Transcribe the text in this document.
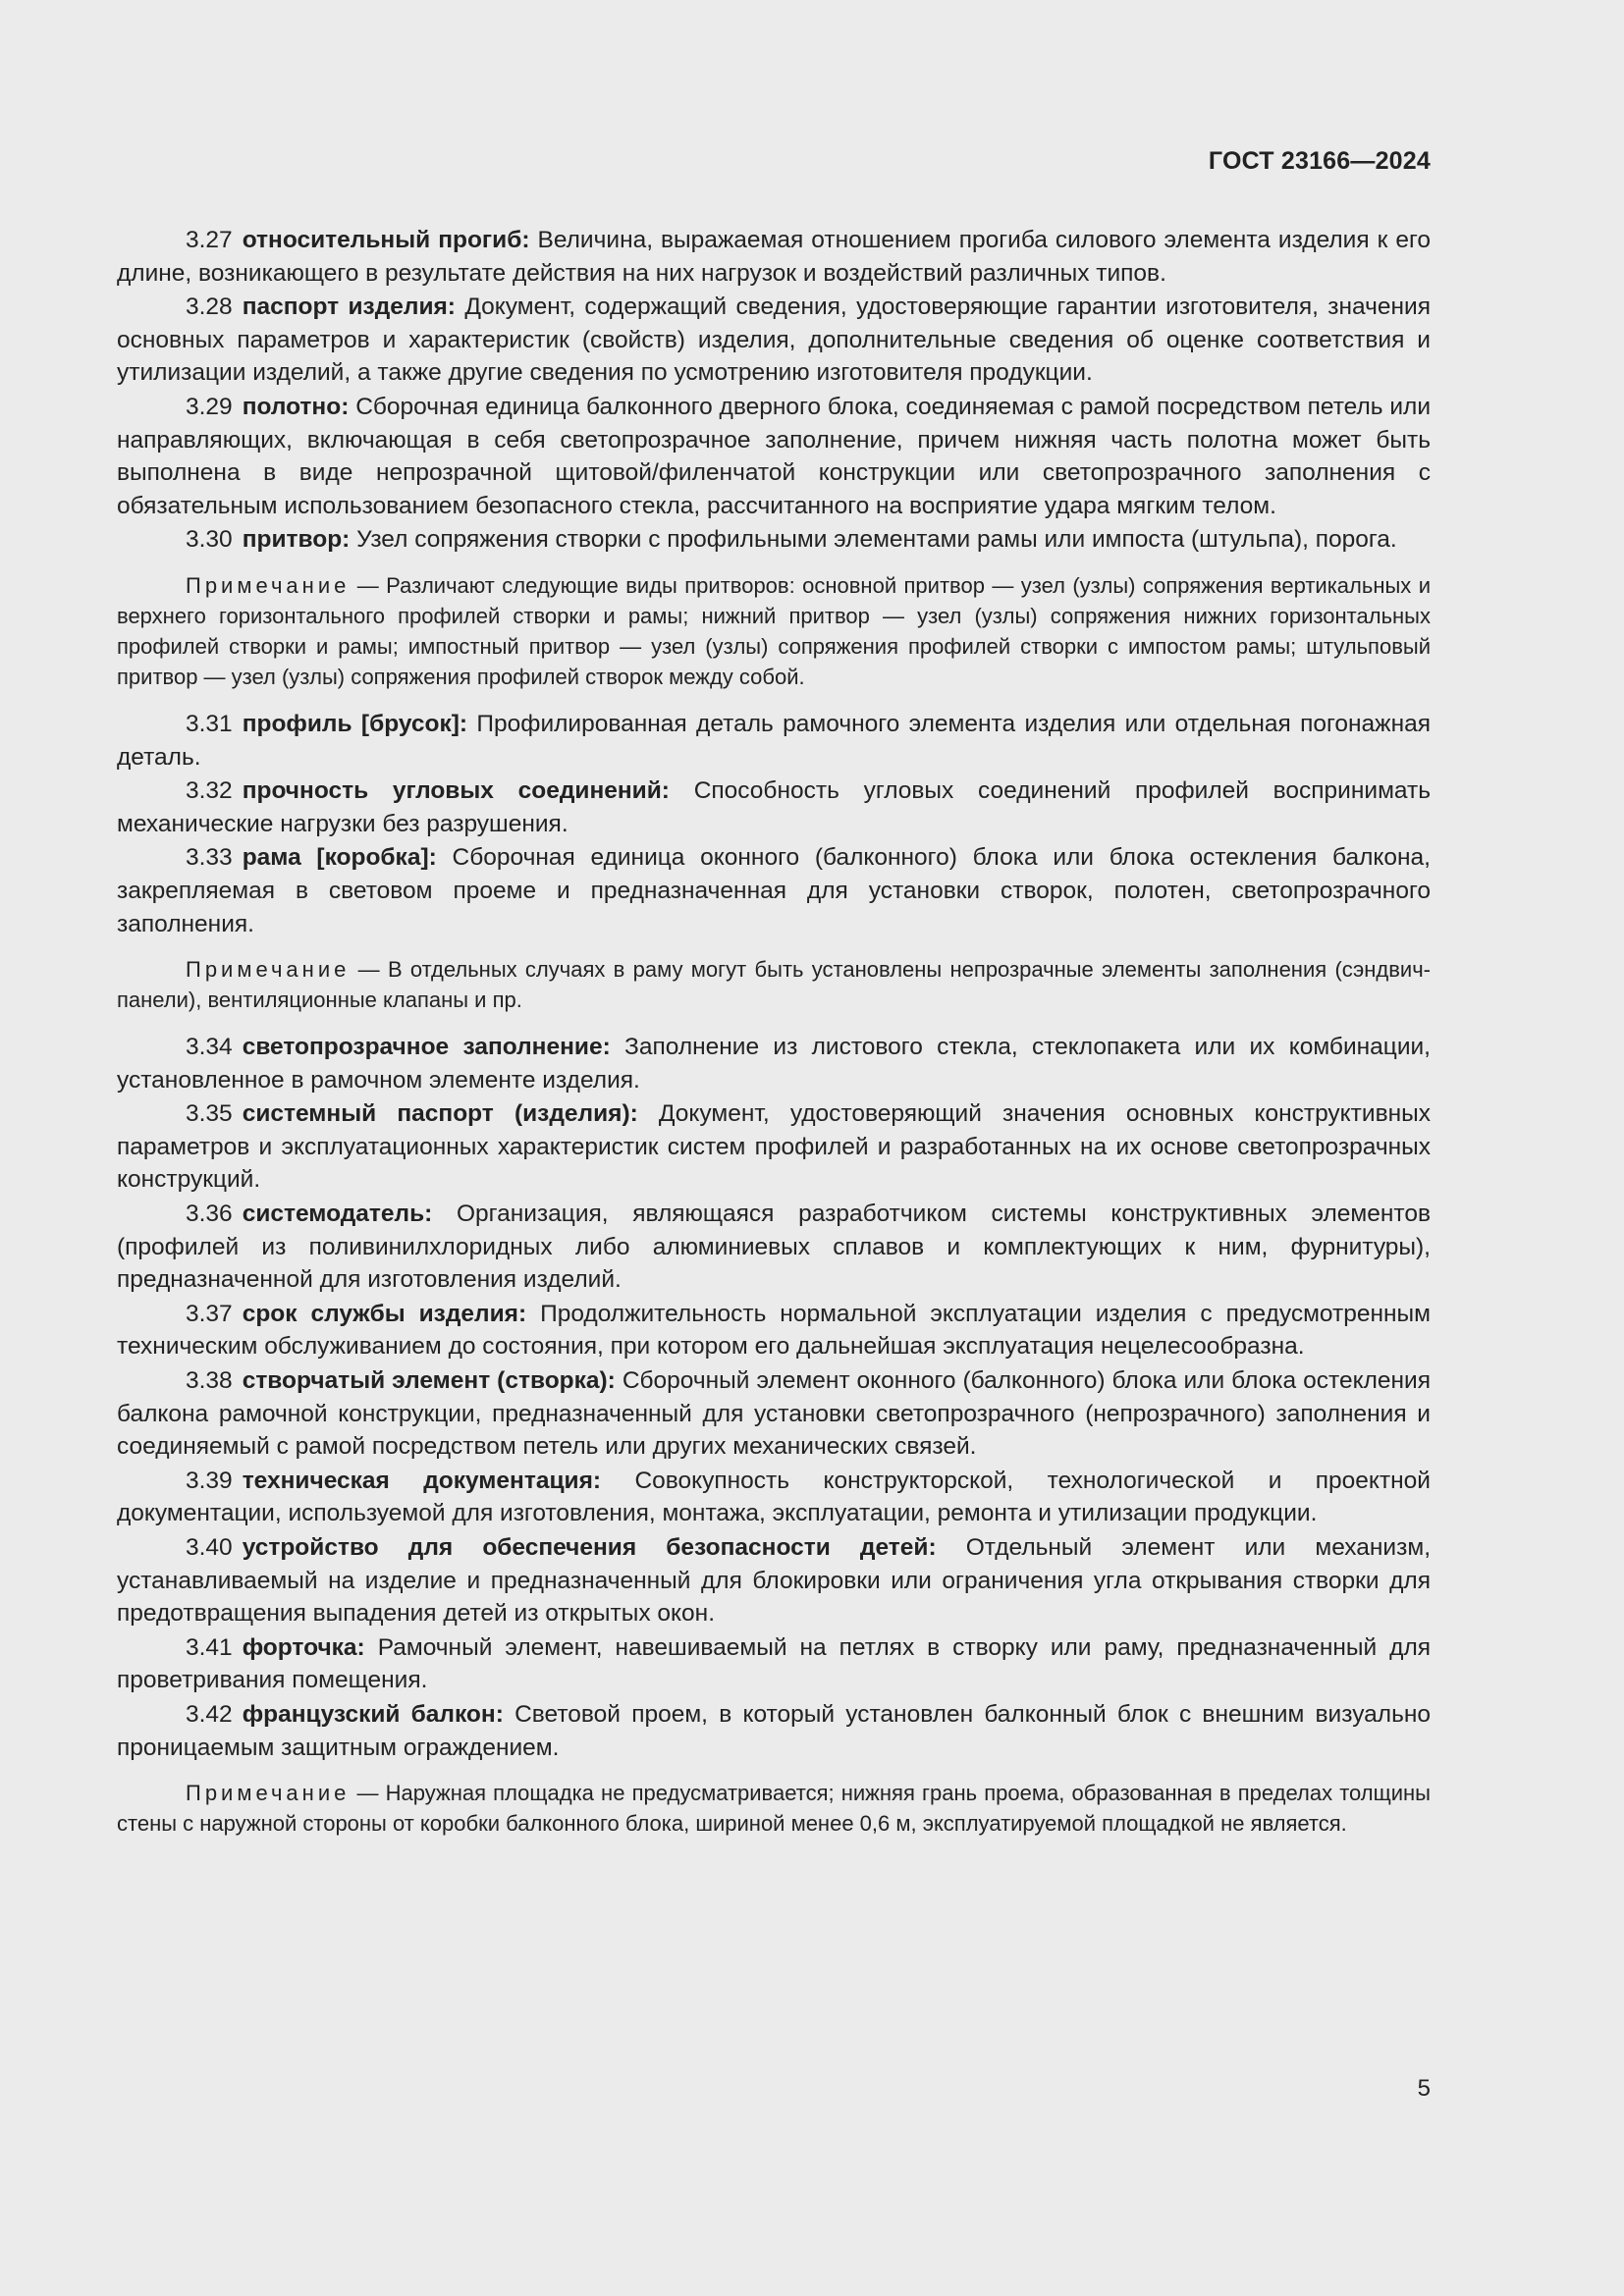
ГОСТ 23166—2024

3.27 относительный прогиб: Величина, выражаемая отношением прогиба силового элемента изделия к его длине, возникающего в результате действия на них нагрузок и воздействий различных типов.

3.28 паспорт изделия: Документ, содержащий сведения, удостоверяющие гарантии изготовителя, значения основных параметров и характеристик (свойств) изделия, дополнительные сведения об оценке соответствия и утилизации изделий, а также другие сведения по усмотрению изготовителя продукции.

3.29 полотно: Сборочная единица балконного дверного блока, соединяемая с рамой посредством петель или направляющих, включающая в себя светопрозрачное заполнение, причем нижняя часть полотна может быть выполнена в виде непрозрачной щитовой/филенчатой конструкции или светопрозрачного заполнения с обязательным использованием безопасного стекла, рассчитанного на восприятие удара мягким телом.

3.30 притвор: Узел сопряжения створки с профильными элементами рамы или импоста (штульпа), порога.

Примечание — Различают следующие виды притворов: основной притвор — узел (узлы) сопряжения вертикальных и верхнего горизонтального профилей створки и рамы; нижний притвор — узел (узлы) сопряжения нижних горизонтальных профилей створки и рамы; импостный притвор — узел (узлы) сопряжения профилей створки с импостом рамы; штульповый притвор — узел (узлы) сопряжения профилей створок между собой.

3.31 профиль [брусок]: Профилированная деталь рамочного элемента изделия или отдельная погонажная деталь.

3.32 прочность угловых соединений: Способность угловых соединений профилей воспринимать механические нагрузки без разрушения.

3.33 рама [коробка]: Сборочная единица оконного (балконного) блока или блока остекления балкона, закрепляемая в световом проеме и предназначенная для установки створок, полотен, светопрозрачного заполнения.

Примечание — В отдельных случаях в раму могут быть установлены непрозрачные элементы заполнения (сэндвич-панели), вентиляционные клапаны и пр.

3.34 светопрозрачное заполнение: Заполнение из листового стекла, стеклопакета или их комбинации, установленное в рамочном элементе изделия.

3.35 системный паспорт (изделия): Документ, удостоверяющий значения основных конструктивных параметров и эксплуатационных характеристик систем профилей и разработанных на их основе светопрозрачных конструкций.

3.36 системодатель: Организация, являющаяся разработчиком системы конструктивных элементов (профилей из поливинилхлоридных либо алюминиевых сплавов и комплектующих к ним, фурнитуры), предназначенной для изготовления изделий.

3.37 срок службы изделия: Продолжительность нормальной эксплуатации изделия с предусмотренным техническим обслуживанием до состояния, при котором его дальнейшая эксплуатация нецелесообразна.

3.38 створчатый элемент (створка): Сборочный элемент оконного (балконного) блока или блока остекления балкона рамочной конструкции, предназначенный для установки светопрозрачного (непрозрачного) заполнения и соединяемый с рамой посредством петель или других механических связей.

3.39 техническая документация: Совокупность конструкторской, технологической и проектной документации, используемой для изготовления, монтажа, эксплуатации, ремонта и утилизации продукции.

3.40 устройство для обеспечения безопасности детей: Отдельный элемент или механизм, устанавливаемый на изделие и предназначенный для блокировки или ограничения угла открывания створки для предотвращения выпадения детей из открытых окон.

3.41 форточка: Рамочный элемент, навешиваемый на петлях в створку или раму, предназначенный для проветривания помещения.

3.42 французский балкон: Световой проем, в который установлен балконный блок с внешним визуально проницаемым защитным ограждением.

Примечание — Наружная площадка не предусматривается; нижняя грань проема, образованная в пределах толщины стены с наружной стороны от коробки балконного блока, шириной менее 0,6 м, эксплуатируемой площадкой не является.

5
